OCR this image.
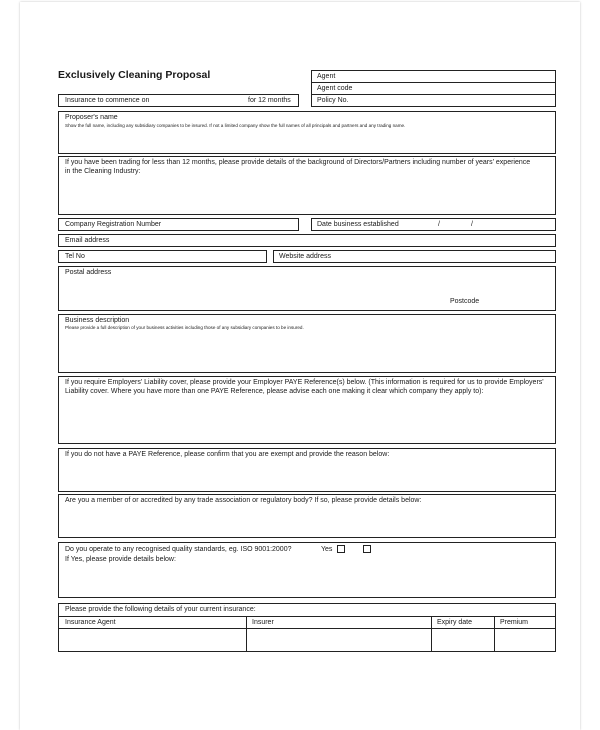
Exclusively Cleaning Proposal	Agent
Agent code
Policy No.
Insurance to commence on	for 12 months
Proposer's name
Show the full name, including any subsidiary companies to be insured. If not a limited company show the full names of all principals and partners and any trading name.
If you have been trading for less than 12 months, please provide details of the background of Directors/Partners including number of years' experience in the Cleaning Industry:
Company Registration Number	Date business established	/	/
Email address
Tel No	Website address
Postal address
Postcode
Business description
Please provide a full description of your business activities including those of any subsidiary companies to be insured.
If you require Employers' Liability cover, please provide your Employer PAYE Reference(s) below. (This information is required for us to provide Employers' Liability cover. Where you have more than one PAYE Reference, please advise each one making it clear which company they apply to):
If you do not have a PAYE Reference, please confirm that you are exempt and provide the reason below:
Are you a member of or accredited by any trade association or regulatory body? If so, please provide details below:
Do you operate to any recognised quality standards, eg. ISO 9001:2000?	Yes
If Yes, please provide details below:
Please provide the following details of your current insurance:
Insurance Agent	Insurer	Expiry date	Premium
